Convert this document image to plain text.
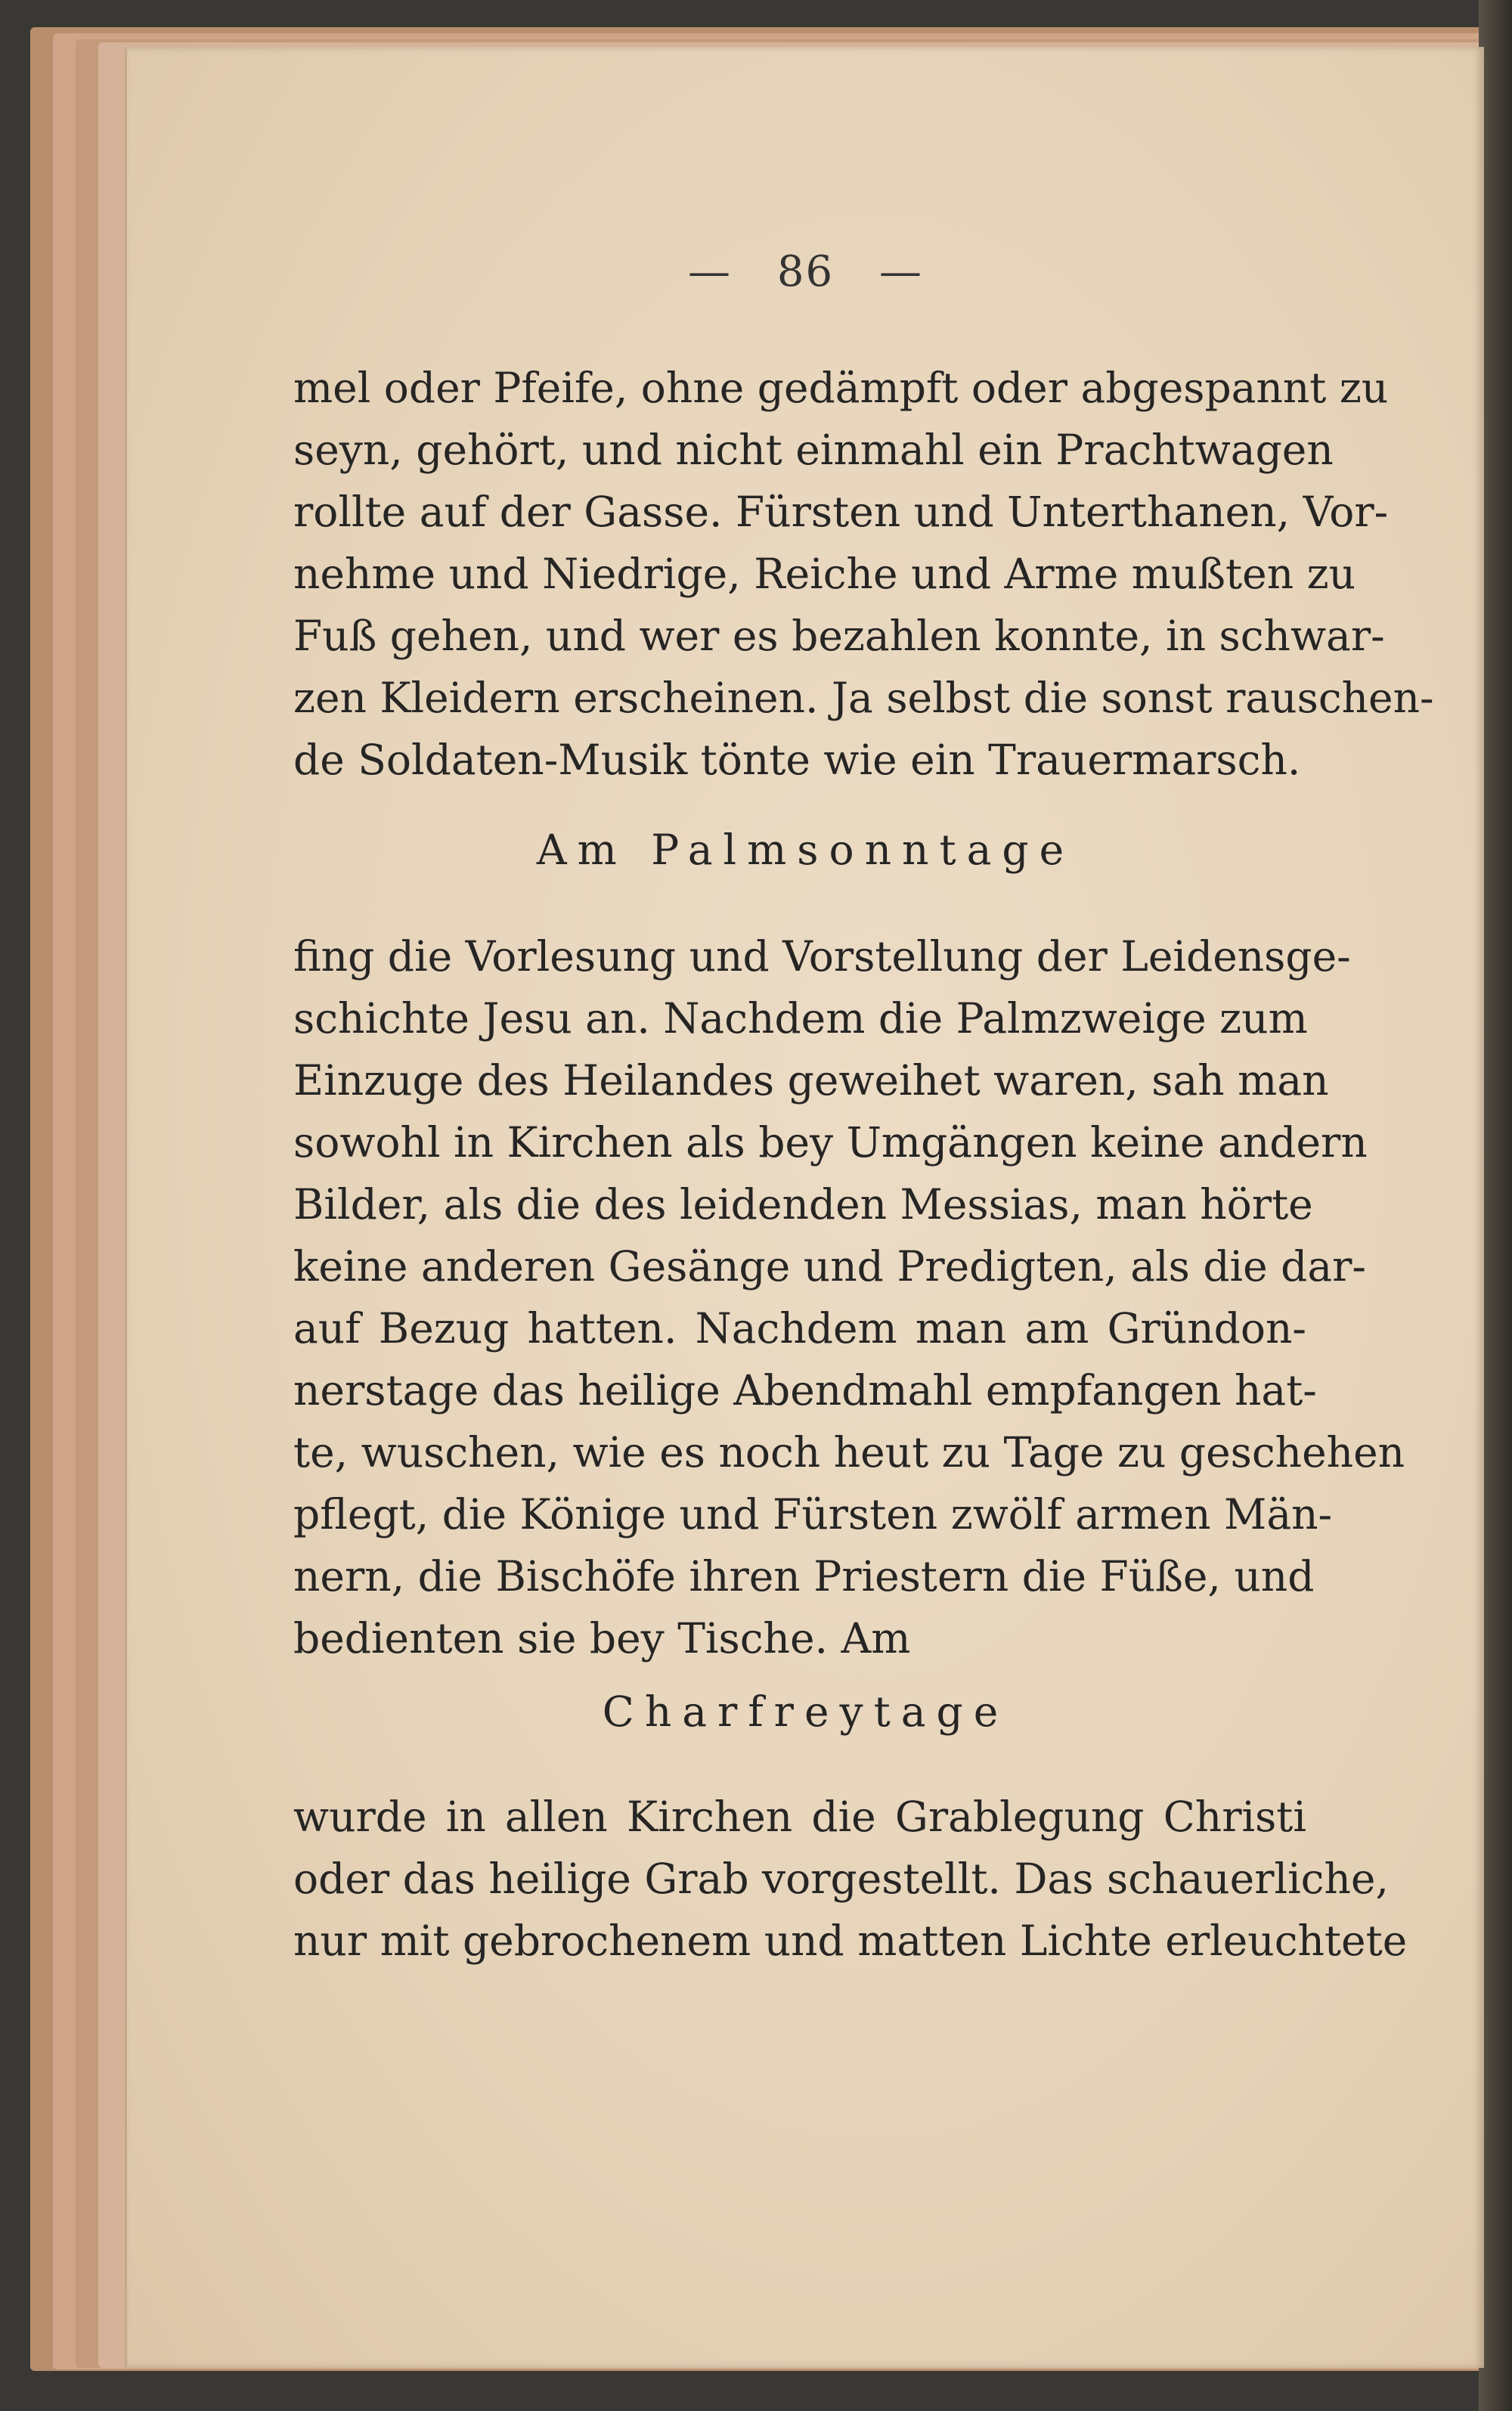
— 86 —
mel oder Pfeife, ohne gedämpft oder abgespannt zu
seyn, gehört, und nicht einmahl ein Prachtwagen
rollte auf der Gasse. Fürsten und Unterthanen, Vor-
nehme und Niedrige, Reiche und Arme mußten zu
Fuß gehen, und wer es bezahlen konnte, in schwar-
zen Kleidern erscheinen. Ja selbst die sonst rauschen-
de Soldaten-Musik tönte wie ein Trauermarsch.
Am Palmsonntage
fing die Vorlesung und Vorstellung der Leidensge-
schichte Jesu an. Nachdem die Palmzweige zum
Einzuge des Heilandes geweihet waren, sah man
sowohl in Kirchen als bey Umgängen keine andern
Bilder, als die des leidenden Messias, man hörte
keine anderen Gesänge und Predigten, als die dar-
auf Bezug hatten. Nachdem man am Gründon-
nerstage das heilige Abendmahl empfangen hat-
te, wuschen, wie es noch heut zu Tage zu geschehen
pflegt, die Könige und Fürsten zwölf armen Män-
nern, die Bischöfe ihren Priestern die Füße, und
bedienten sie bey Tische. Am
Charfreytage
wurde in allen Kirchen die Grablegung Christi
oder das heilige Grab vorgestellt. Das schauerliche,
nur mit gebrochenem und matten Lichte erleuchtete
